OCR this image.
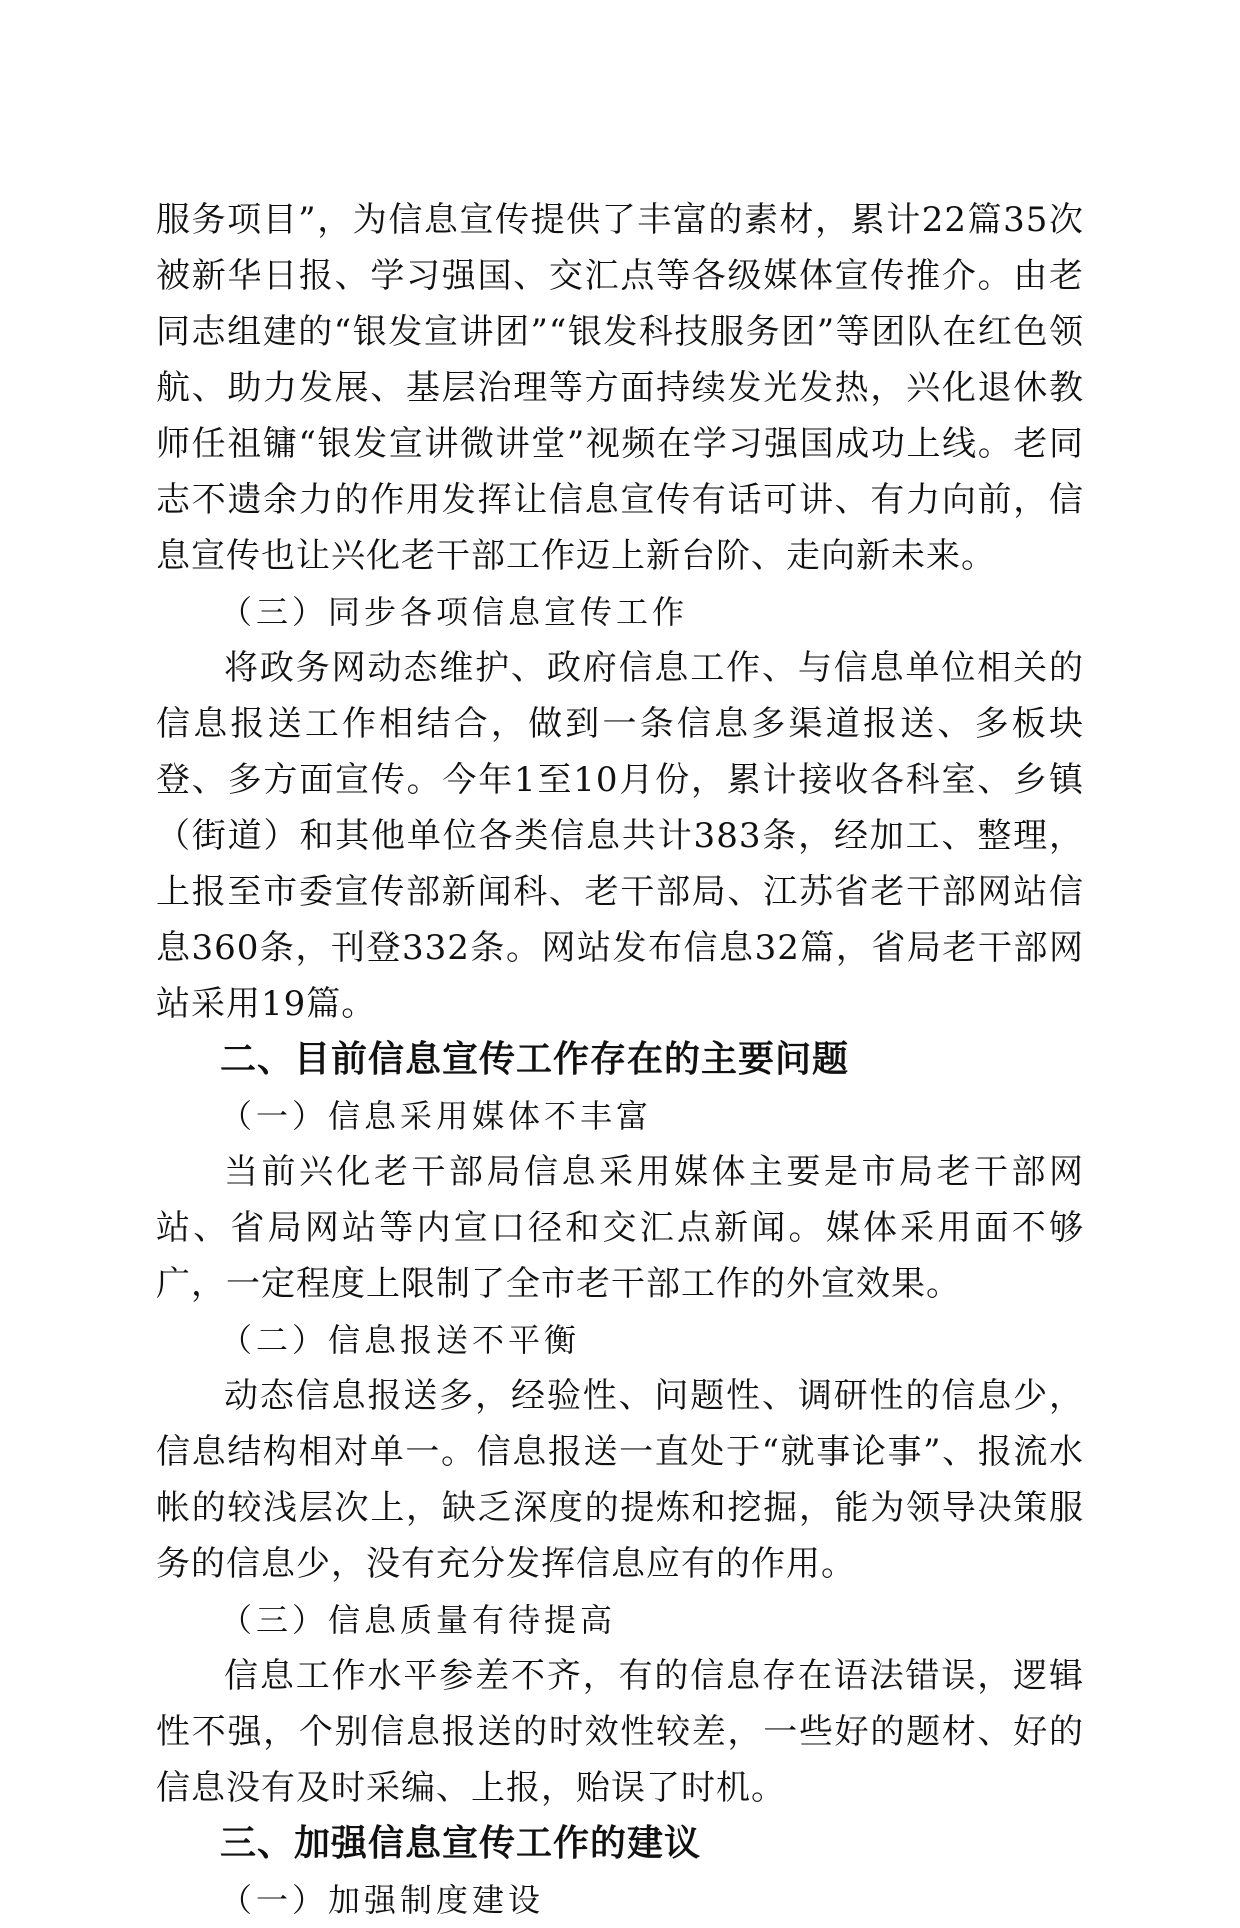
服务项目”，为信息宣传提供了丰富的素材，累计22篇35次被新华日报、学习强国、交汇点等各级媒体宣传推介。由老同志组建的“银发宣讲团”“银发科技服务团”等团队在红色领航、助力发展、基层治理等方面持续发光发热，兴化退休教师任祖镛“银发宣讲微讲堂”视频在学习强国成功上线。老同志不遗余力的作用发挥让信息宣传有话可讲、有力向前，信息宣传也让兴化老干部工作迈上新台阶、走向新未来。

（三）同步各项信息宣传工作

将政务网动态维护、政府信息工作、与信息单位相关的信息报送工作相结合，做到一条信息多渠道报送、多板块登、多方面宣传。今年1至10月份，累计接收各科室、乡镇（街道）和其他单位各类信息共计383条，经加工、整理，上报至市委宣传部新闻科、老干部局、江苏省老干部网站信息360条，刊登332条。网站发布信息32篇，省局老干部网站采用19篇。

二、目前信息宣传工作存在的主要问题

（一）信息采用媒体不丰富

当前兴化老干部局信息采用媒体主要是市局老干部网站、省局网站等内宣口径和交汇点新闻。媒体采用面不够广，一定程度上限制了全市老干部工作的外宣效果。

（二）信息报送不平衡

动态信息报送多，经验性、问题性、调研性的信息少，信息结构相对单一。信息报送一直处于“就事论事”、报流水帐的较浅层次上，缺乏深度的提炼和挖掘，能为领导决策服务的信息少，没有充分发挥信息应有的作用。

（三）信息质量有待提高

信息工作水平参差不齐，有的信息存在语法错误，逻辑性不强，个别信息报送的时效性较差，一些好的题材、好的信息没有及时采编、上报，贻误了时机。

三、加强信息宣传工作的建议

（一）加强制度建设
